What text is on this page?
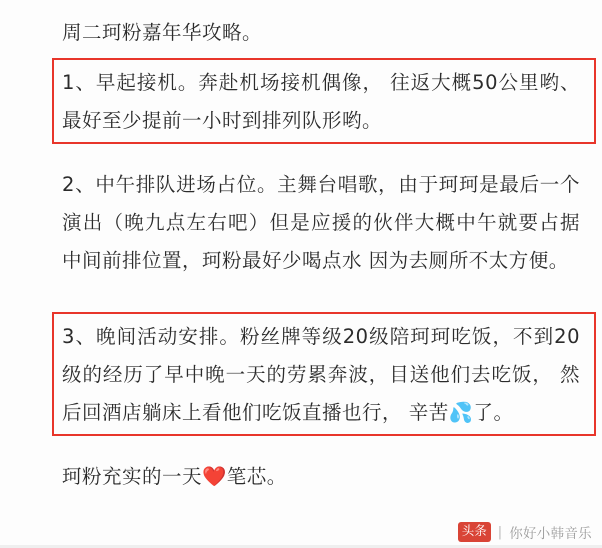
周二珂粉嘉年华攻略。

1、早起接机。奔赴机场接机偶像， 往返大概50公里哟、最好至少提前一小时到排列队形哟。

2、中午排队进场占位。主舞台唱歌，由于珂珂是最后一个演出（晚九点左右吧）但是应援的伙伴大概中午就要占据中间前排位置，珂粉最好少喝点水 因为去厕所不太方便。

3、晚间活动安排。粉丝牌等级20级陪珂珂吃饭，不到20级的经历了早中晚一天的劳累奔波，目送他们去吃饭， 然后回酒店躺床上看他们吃饭直播也行， 辛苦💦了。

珂粉充实的一天❤️笔芯。

头条 | 你好小韩音乐
